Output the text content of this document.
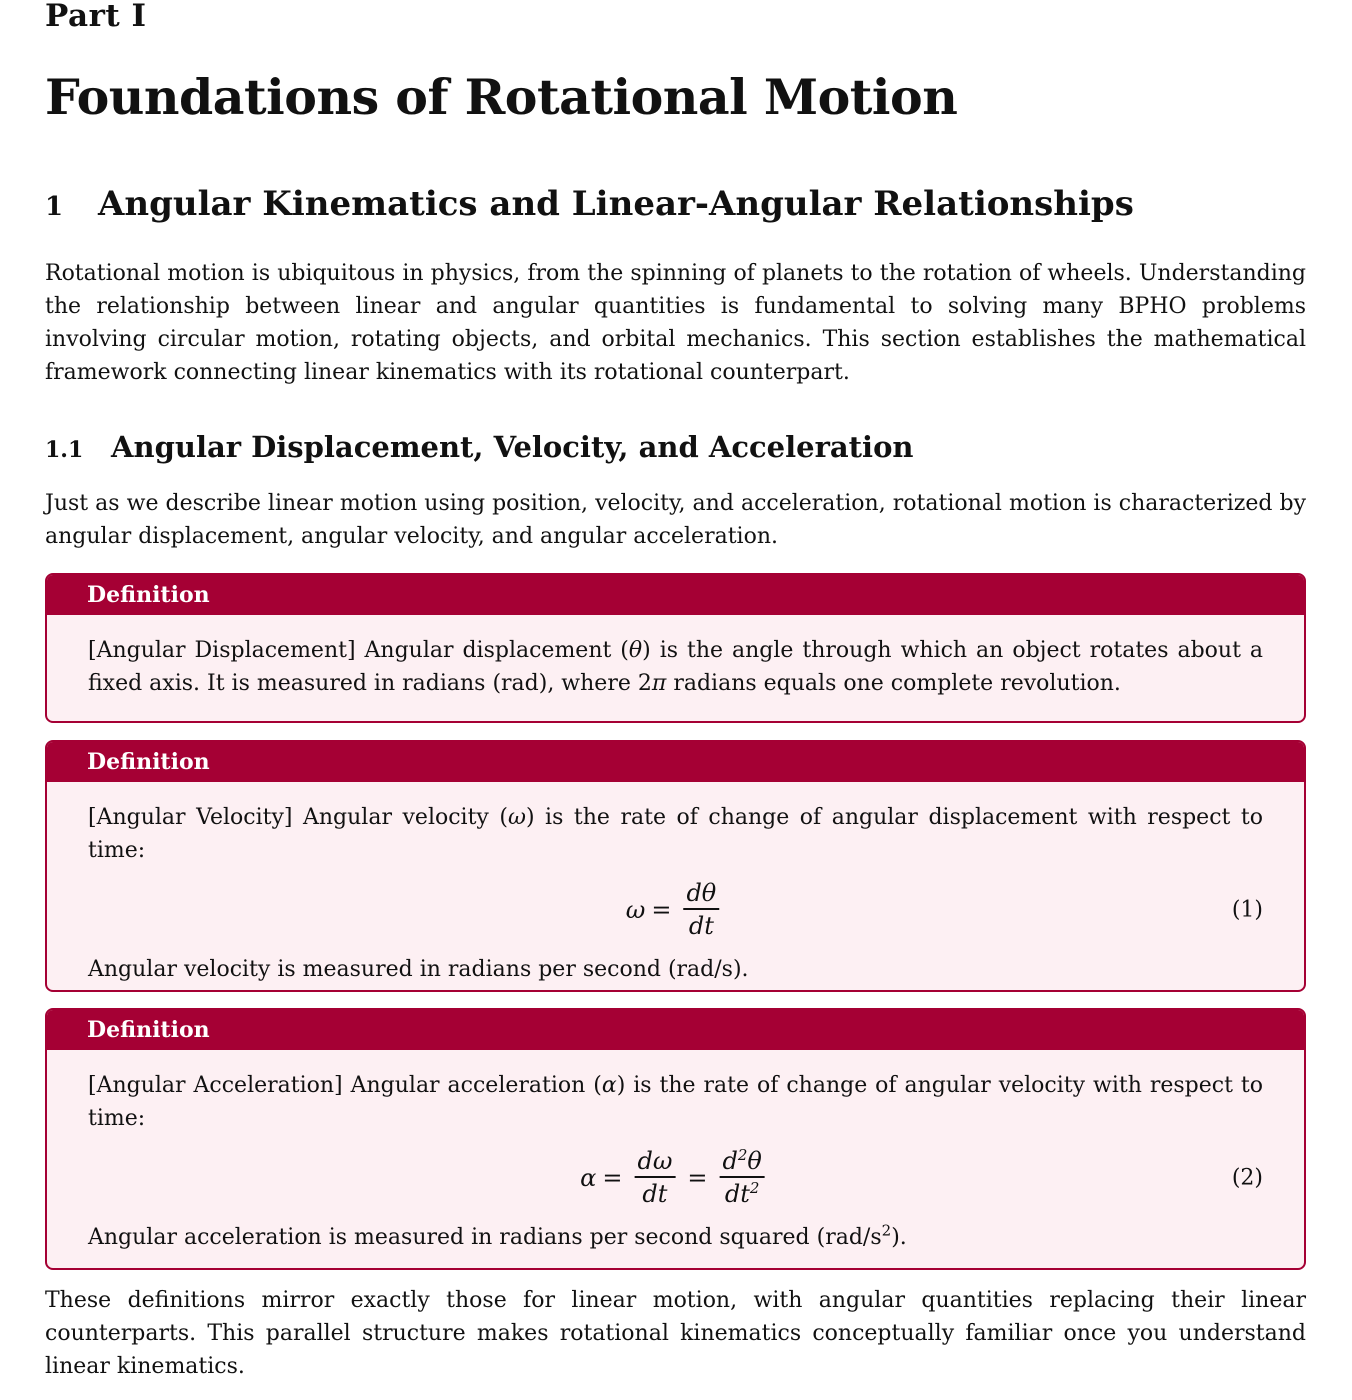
Part I
Foundations of Rotational Motion
1 Angular Kinematics and Linear-Angular Relationships

Rotational motion is ubiquitous in physics, from the spinning of planets to the rotation of wheels. Understanding the relationship between linear and angular quantities is fundamental to solving many BPHO problems involving circular motion, rotating objects, and orbital mechanics. This section establishes the mathematical framework connecting linear kinematics with its rotational counterpart.

1.1 Angular Displacement, Velocity, and Acceleration

Just as we describe linear motion using position, velocity, and acceleration, rotational motion is characterized by angular displacement, angular velocity, and angular acceleration.

Definition

[Angular Displacement] Angular displacement (θ) is the angle through which an object rotates about a fixed axis. It is measured in radians (rad), where 2π radians equals one complete revolution.

Definition

[Angular Velocity] Angular velocity (ω) is the rate of change of angular displacement with respect to time:

$\omega = \frac{d\theta}{dt}$	(1)

Angular velocity is measured in radians per second (rad/s).

Definition

[Angular Acceleration] Angular acceleration (α) is the rate of change of angular velocity with respect to time:

$\alpha = \frac{d\omega}{dt} = \frac{d^2\theta}{dt^2}$	(2)

Angular acceleration is measured in radians per second squared $(rad/s^2)$.

These definitions mirror exactly those for linear motion, with angular quantities replacing their linear counterparts. This parallel structure makes rotational kinematics conceptually familiar once you understand linear kinematics.
